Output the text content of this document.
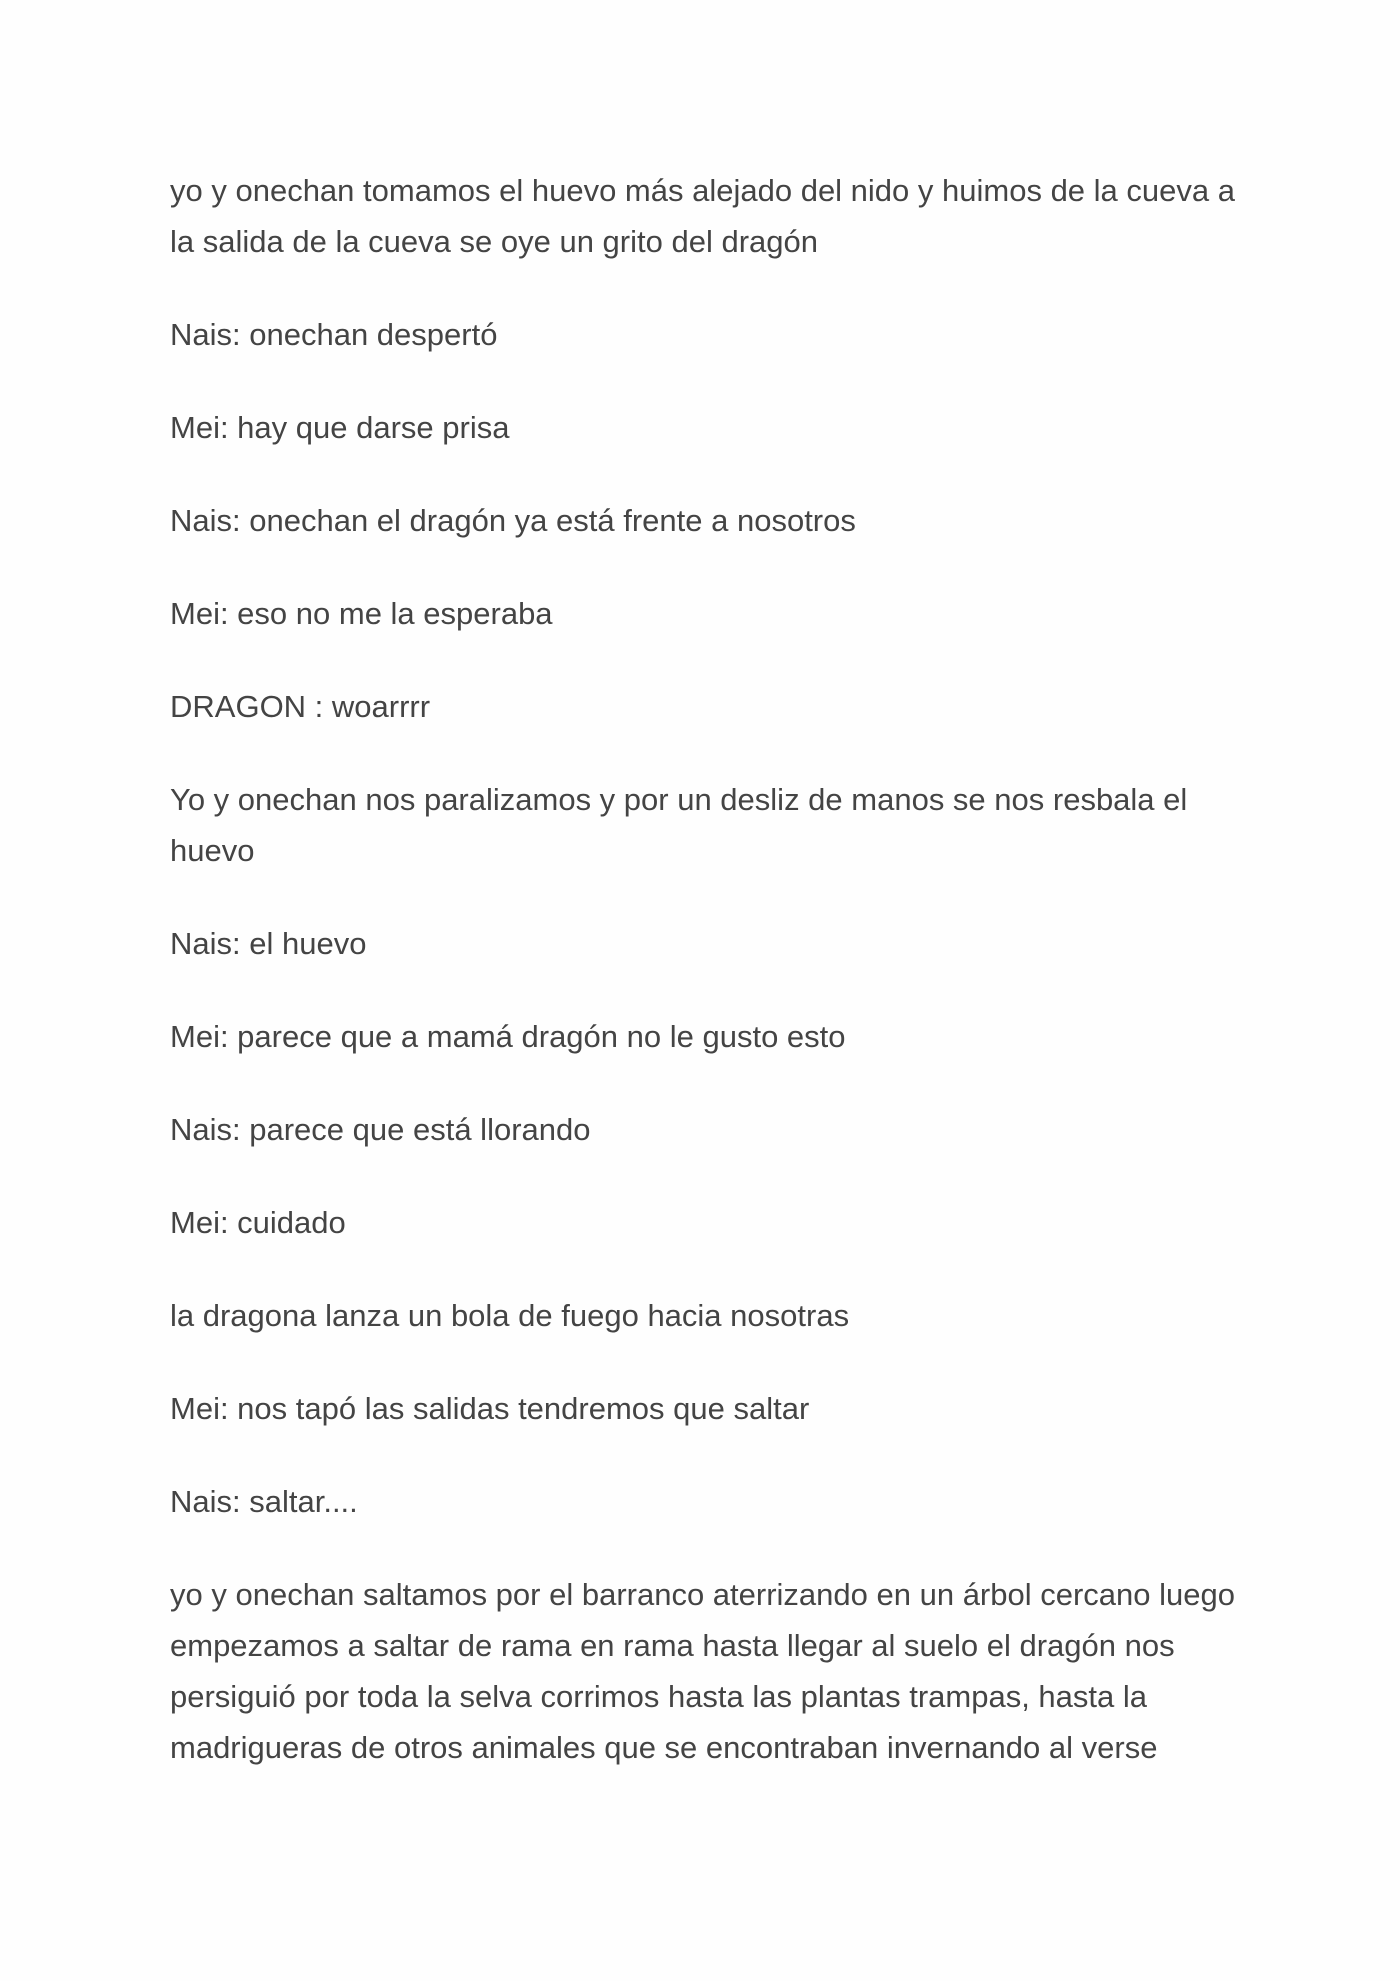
yo y onechan tomamos el huevo más alejado del nido y huimos de la cueva a la salida de la cueva se oye un grito del dragón

Nais: onechan despertó

Mei: hay que darse prisa

Nais: onechan el dragón ya está frente a nosotros

Mei: eso no me la esperaba

DRAGON : woarrrr

Yo y onechan nos paralizamos y por un desliz de manos se nos resbala el huevo

Nais: el huevo

Mei: parece que a mamá dragón no le gusto esto

Nais: parece que está llorando

Mei: cuidado

la dragona lanza un bola de fuego hacia nosotras

Mei: nos tapó las salidas tendremos que saltar

Nais: saltar....

yo y onechan saltamos por el barranco aterrizando en un árbol cercano luego empezamos a saltar de rama en rama hasta llegar al suelo el dragón nos persiguió por toda la selva corrimos hasta las plantas trampas, hasta la madrigueras de otros animales que se encontraban invernando al verse
